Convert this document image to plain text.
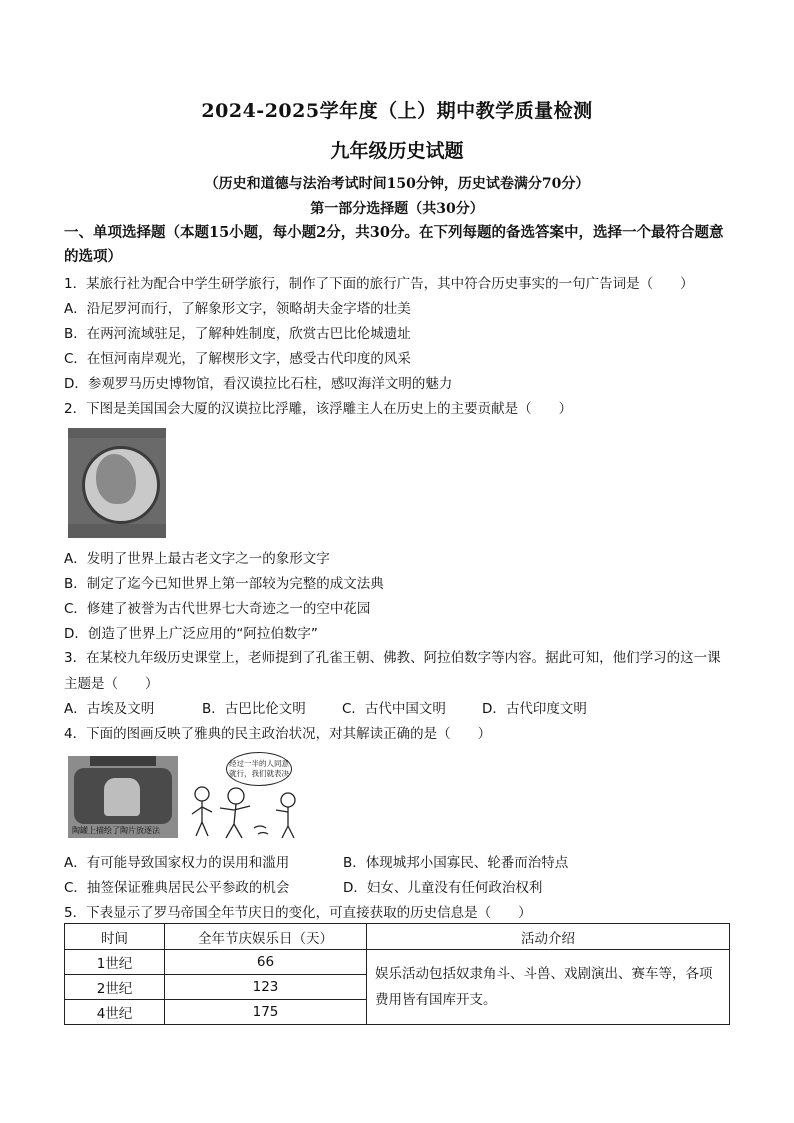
2024-2025学年度（上）期中教学质量检测
九年级历史试题
（历史和道德与法治考试时间150分钟，历史试卷满分70分）
第一部分选择题（共30分）
一、单项选择题（本题15小题，每小题2分，共30分。在下列每题的备选答案中，选择一个最符合题意的选项）
1．某旅行社为配合中学生研学旅行，制作了下面的旅行广告，其中符合历史事实的一句广告词是（　　）
A．沿尼罗河而行，了解象形文字，领略胡夫金字塔的壮美
B．在两河流域驻足，了解种姓制度，欣赏古巴比伦城遗址
C．在恒河南岸观光，了解楔形文字，感受古代印度的风采
D．参观罗马历史博物馆，看汉谟拉比石柱，感叹海洋文明的魅力
2．下图是美国国会大厦的汉谟拉比浮雕，该浮雕主人在历史上的主要贡献是（　　）
A．发明了世界上最古老文字之一的象形文字
B．制定了迄今已知世界上第一部较为完整的成文法典
C．修建了被誉为古代世界七大奇迹之一的空中花园
D．创造了世界上广泛应用的“阿拉伯数字”
3．在某校九年级历史课堂上，老师提到了孔雀王朝、佛教、阿拉伯数字等内容。据此可知，他们学习的这一课主题是（　　）
A．古埃及文明	B．古巴比伦文明	C．古代中国文明	D．古代印度文明
4．下面的图画反映了雅典的民主政治状况，对其解读正确的是（　　）
陶罐上描绘了陶片放逐法
经过一半的人同意就行，我们就表决
A．有可能导致国家权力的误用和滥用	B．体现城邦小国寡民、轮番而治特点
C．抽签保证雅典居民公平参政的机会	D．妇女、儿童没有任何政治权利
5．下表显示了罗马帝国全年节庆日的变化，可直接获取的历史信息是（　　）
时间	全年节庆娱乐日（天）	活动介绍
1世纪	66	娱乐活动包括奴隶角斗、斗兽、戏剧演出、赛车等，各项费用皆有国库开支。
2世纪	123	
4世纪	175	
